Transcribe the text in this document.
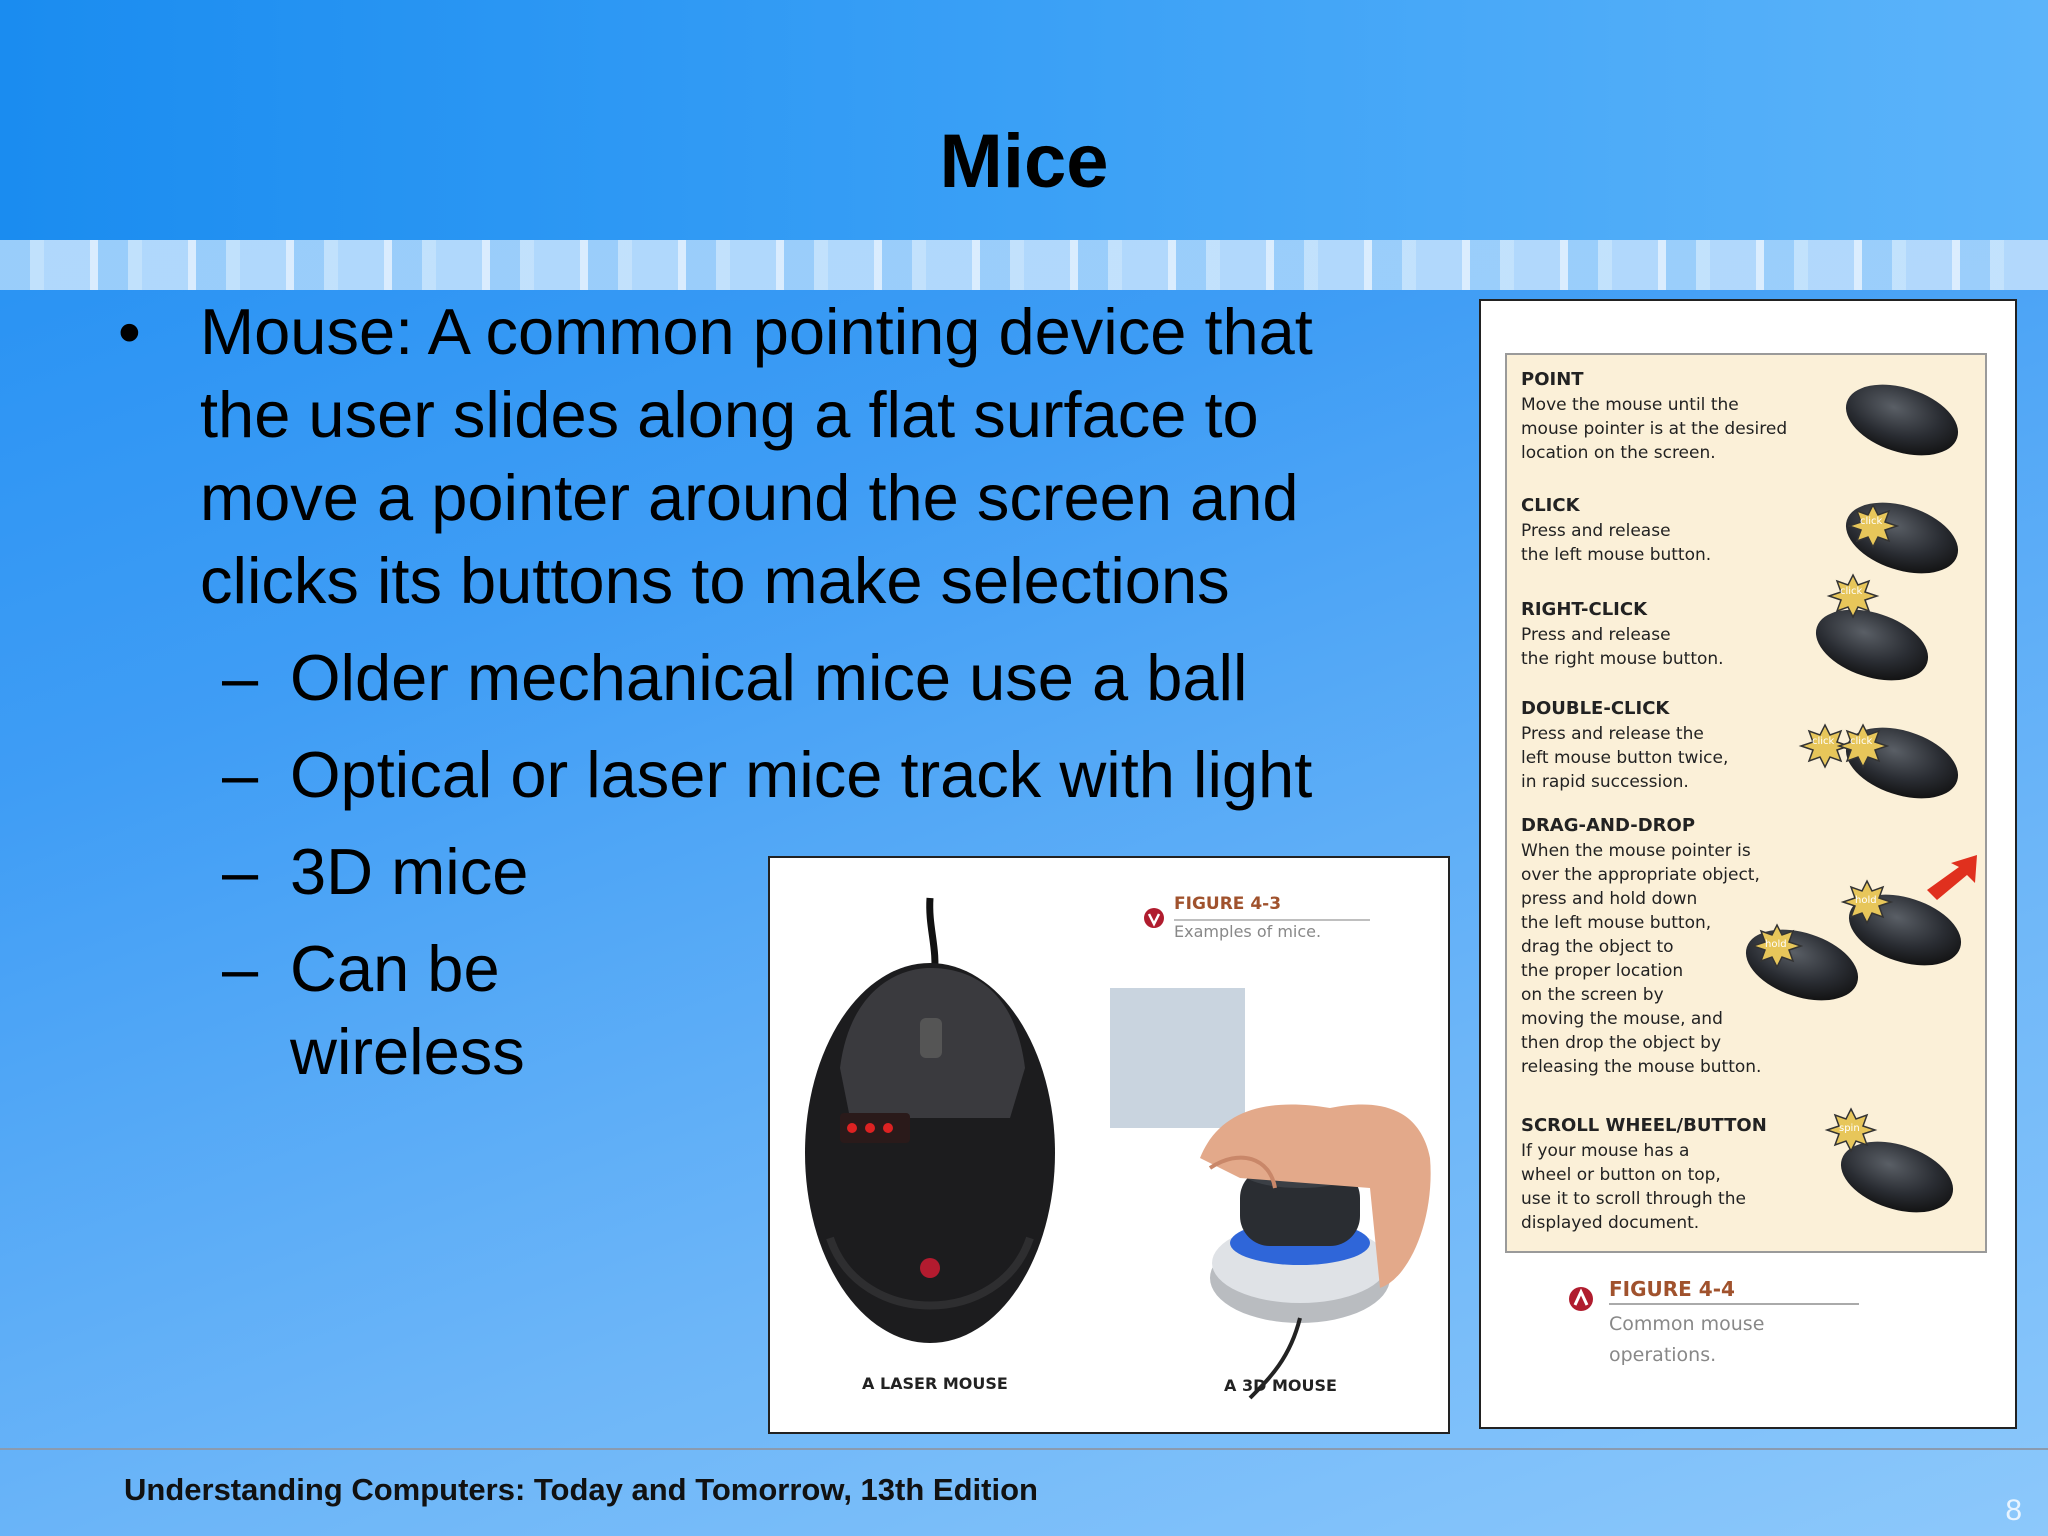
Mice
• Mouse: A common pointing device that the user slides along a flat surface to move a pointer around the screen and clicks its buttons to make selections
– Older mechanical mice use a ball
– Optical or laser mice track with light
– 3D mice
– Can be wireless
FIGURE 4-3
Examples of mice.
A LASER MOUSE	A 3D MOUSE
POINT
Move the mouse until the
mouse pointer is at the desired
location on the screen.
CLICK
Press and release
the left mouse button.
RIGHT-CLICK
Press and release
the right mouse button.
DOUBLE-CLICK
Press and release the
left mouse button twice,
in rapid succession.
DRAG-AND-DROP
When the mouse pointer is
over the appropriate object,
press and hold down
the left mouse button,
drag the object to
the proper location
on the screen by
moving the mouse, and
then drop the object by
releasing the mouse button.
SCROLL WHEEL/BUTTON
If your mouse has a
wheel or button on top,
use it to scroll through the
displayed document.
click
click
click click
hold
hold
spin
FIGURE 4-4
Common mouse
operations.
Understanding Computers: Today and Tomorrow, 13th Edition
8
